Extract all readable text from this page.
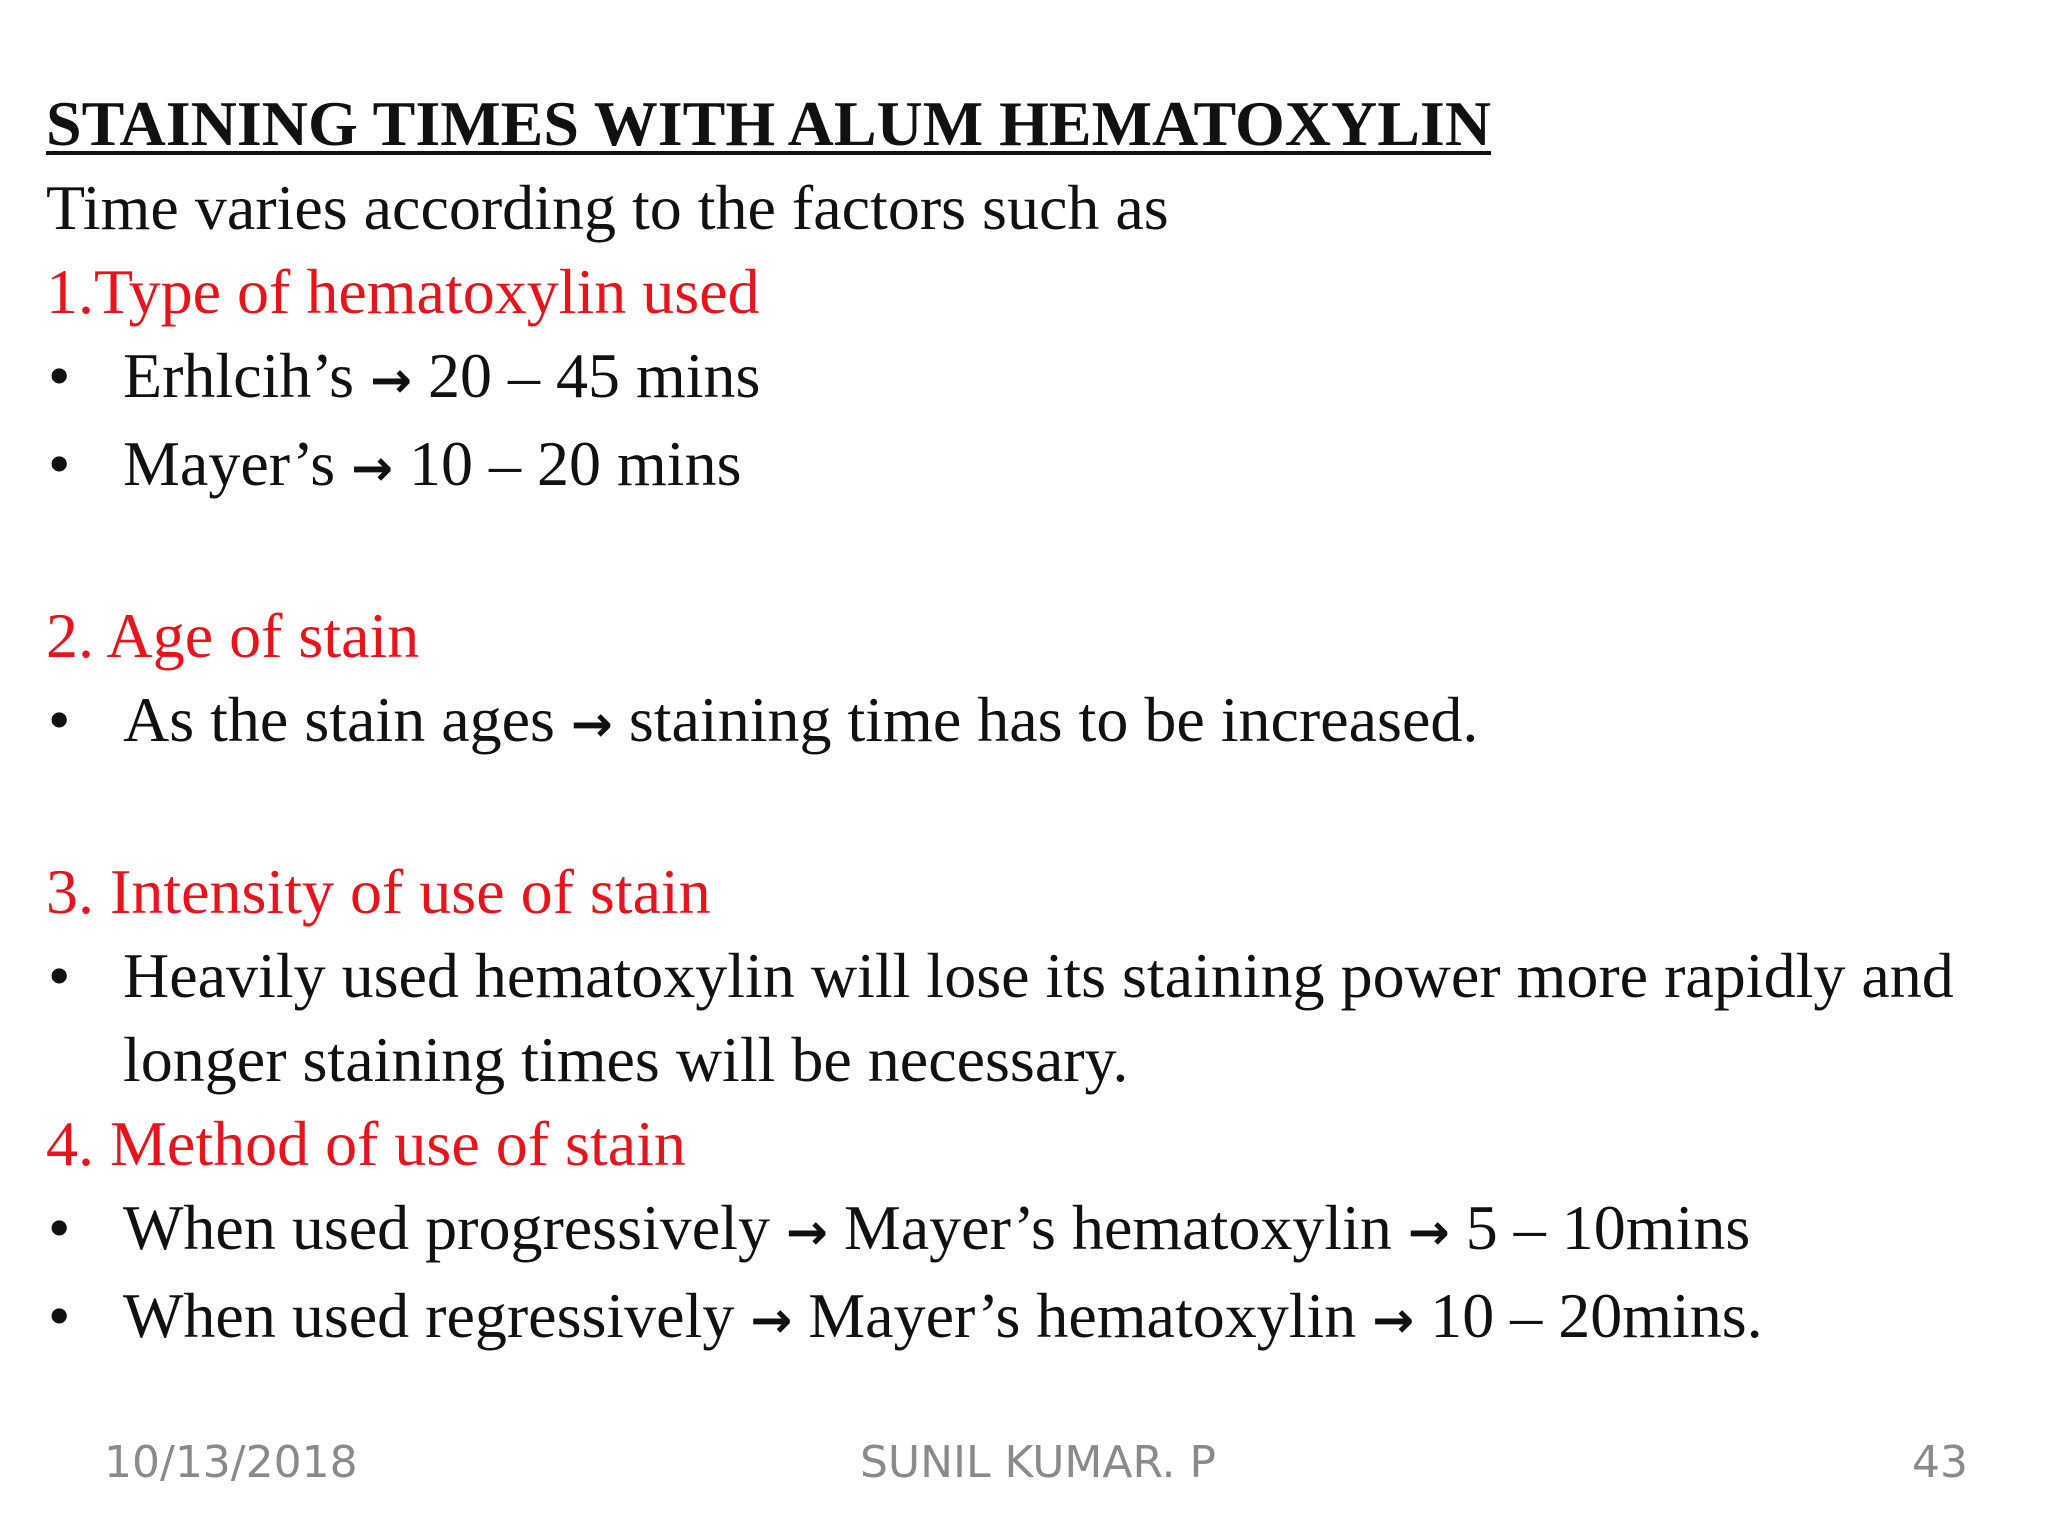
STAINING TIMES WITH ALUM HEMATOXYLIN
Time varies according to the factors such as
1.Type of hematoxylin used
• Erhlcih’s → 20 – 45 mins
• Mayer’s → 10 – 20 mins
2. Age of stain
• As the stain ages → staining time has to be increased.
3. Intensity of use of stain
• Heavily used hematoxylin will lose its staining power more rapidly and longer staining times will be necessary.
4. Method of use of stain
• When used progressively → Mayer’s hematoxylin → 5 – 10mins
• When used regressively → Mayer’s hematoxylin → 10 – 20mins.
10/13/2018	SUNIL KUMAR. P	43
